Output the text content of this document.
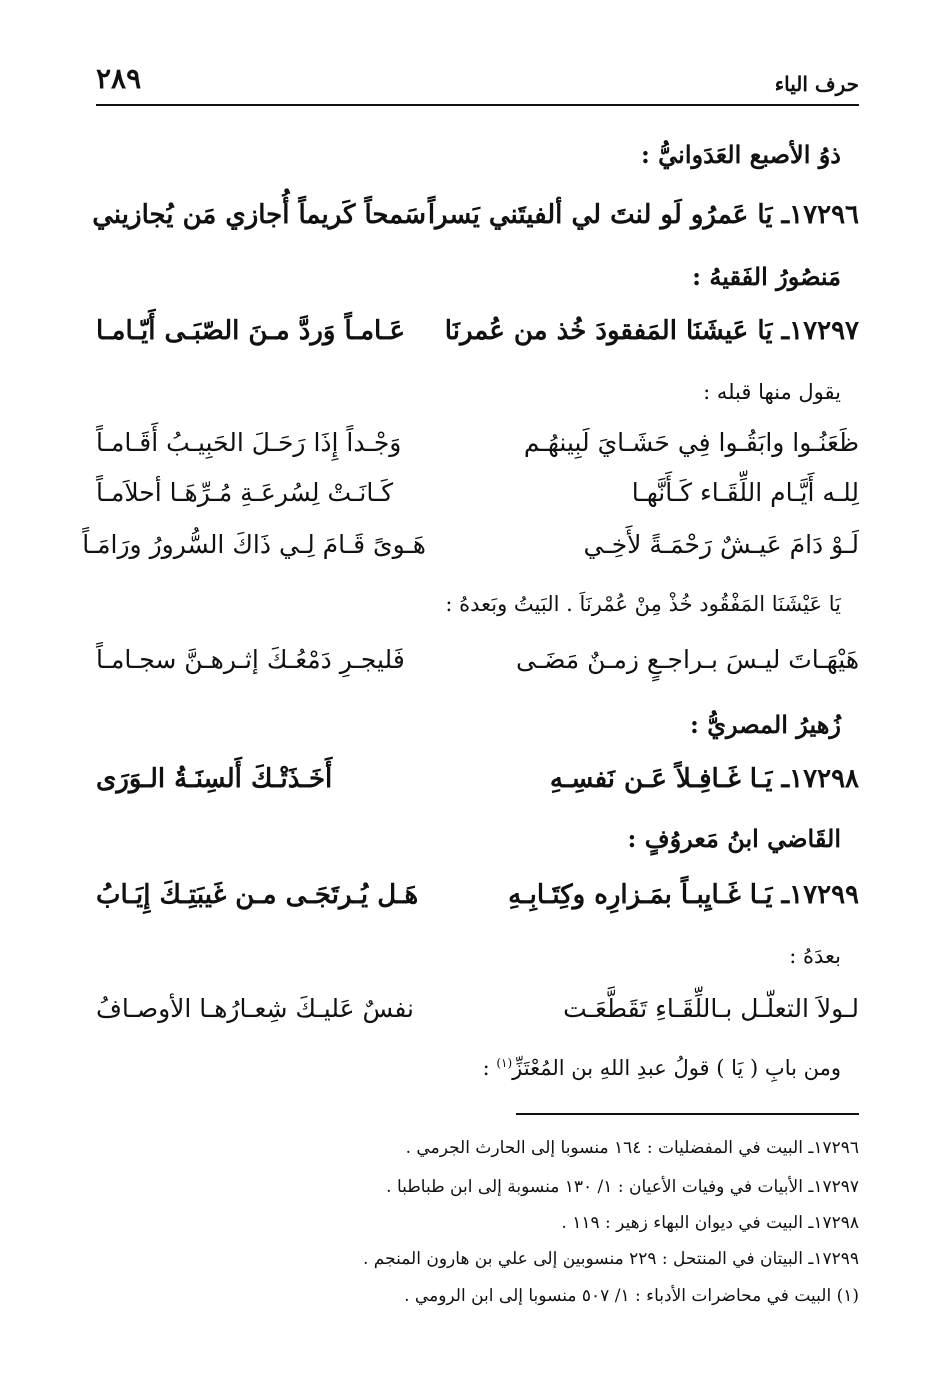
حرف الياء
٢٨٩
ذوُ الأصبع العَدَوانيُّ :
١٧٢٩٦ـ يَا عَمرُو لَو لنتَ لي ألفيتَني يَسراً
سَمحاً كَريماً أُجازي مَن يُجازيني
مَنصُورُ الفَقيهُ :
١٧٢٩٧ـ يَا عَيشَنَا المَفقودَ خُذ من عُمرنَا
عَـامـاً وَردَّ مـنَ الصّبَـى أَيّـامـا
يقول منها قبله :
ظَعَنُـوا وابَقُـوا فِي حَشَـايَ لَبِينهُـم
وَجْـداً إِذَا رَحَـلَ الحَبِيـبُ أَقَـامـاً
لِلـه أَيَّـام اللِّقَـاء كَـأَنَّهـا
كَـانَـتْ لِسُرعَـةِ مُـرِّهَـا أحلاَمـاً
لَـوْ دَامَ عَيـشٌ رَحْمَـةً لأَخِـي
هَـوىً قَـامَ لِـي ذَاكَ السُّرورُ ورَامَـاً
يَا عَيْشَنَا المَفْقُود خُذْ مِنْ عُمْرنَاَ . البَيتُ وبَعدهُ :
هَيْهَـاتَ ليـسَ بـراجـعٍ زمـنٌ مَضَـى
فَليجـرِ دَمْعُـكَ إثـرهـنَّ سجـامـاً
زُهيرُ المصريُّ :
١٧٢٩٨ـ يَـا غَـافِـلاً عَـن نَفسِـهِ
أَخَـذَتْـكَ أَلسِنَـةُ الـوَرَى
القَاضي ابنُ مَعروُفٍ :
١٧٢٩٩ـ يَـا غَـايِبـاً بمَـزارِه وكِتَـابِـهِ
هَـل يُـرتَجَـى مـن غَيبَتِـكَ إِيَـابُ
بعدَهُ :
لـولاَ التعلّـل بـاللِّقَـاءِ تَقَطَّعَـت
نفسٌ عَليـكَ شِعـارُهـا الأوصـافُ
ومن بابِ ( يَا ) قولُ عبدِ اللهِ بن المُعْتَزِّ$^{(١)}$ :
١٧٢٩٦ـ البيت في المفضليات : ١٦٤ منسوبا إلى الحارث الجرمي .
١٧٢٩٧ـ الأبيات في وفيات الأعيان : ١/ ١٣٠ منسوبة إلى ابن طباطبا .
١٧٢٩٨ـ البيت في ديوان البهاء زهير : ١١٩ .
١٧٢٩٩ـ البيتان في المنتحل : ٢٢٩ منسوبين إلى علي بن هارون المنجم .
(١) البيت في محاضرات الأدباء : ١/ ٥٠٧ منسوبا إلى ابن الرومي .
